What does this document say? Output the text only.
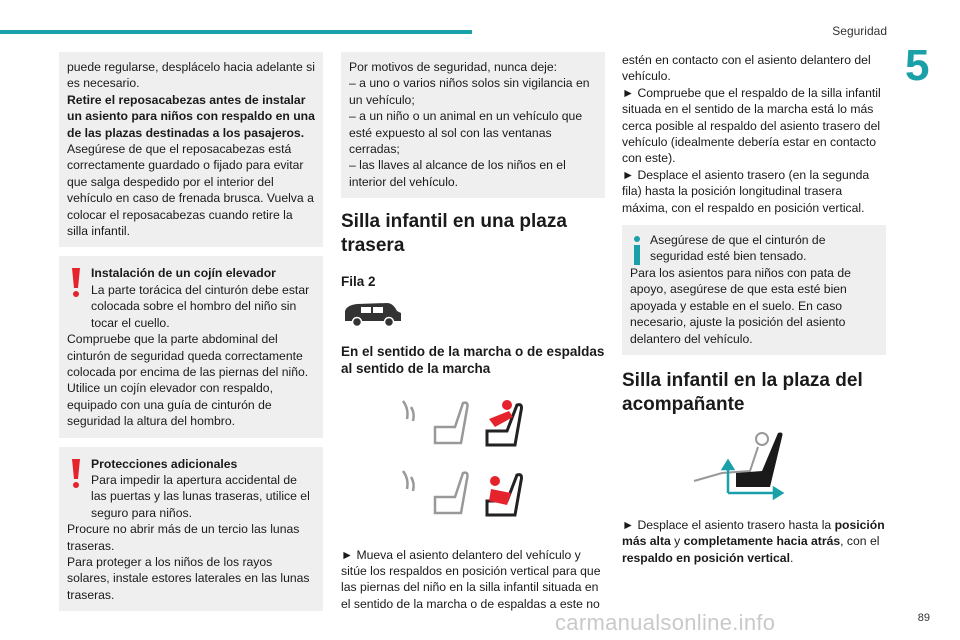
Seguridad
5

puede regularse, desplácelo hacia adelante si es necesario.

Retire el reposacabezas antes de instalar un asiento para niños con respaldo en una de las plazas destinadas a los pasajeros.

Asegúrese de que el reposacabezas está correctamente guardado o fijado para evitar que salga despedido por el interior del vehículo en caso de frenada brusca. Vuelva a colocar el reposacabezas cuando retire la silla infantil.

Instalación de un cojín elevador

La parte torácica del cinturón debe estar colocada sobre el hombro del niño sin tocar el cuello.

Compruebe que la parte abdominal del cinturón de seguridad queda correctamente colocada por encima de las piernas del niño.

Utilice un cojín elevador con respaldo, equipado con una guía de cinturón de seguridad la altura del hombro.

Protecciones adicionales

Para impedir la apertura accidental de las puertas y las lunas traseras, utilice el seguro para niños.

Procure no abrir más de un tercio las lunas traseras.

Para proteger a los niños de los rayos solares, instale estores laterales en las lunas traseras.

Por motivos de seguridad, nunca deje:

– a uno o varios niños solos sin vigilancia en un vehículo;

– a un niño o un animal en un vehículo que esté expuesto al sol con las ventanas cerradas;

– las llaves al alcance de los niños en el interior del vehículo.

Silla infantil en una plaza trasera
Fila 2
En el sentido de la marcha o de espaldas al sentido de la marcha

► Mueva el asiento delantero del vehículo y sitúe los respaldos en posición vertical para que las piernas del niño en la silla infantil situada en el sentido de la marcha o de espaldas a este no

estén en contacto con el asiento delantero del vehículo.

► Compruebe que el respaldo de la silla infantil situada en el sentido de la marcha está lo más cerca posible al respaldo del asiento trasero del vehículo (idealmente debería estar en contacto con este).

► Desplace el asiento trasero (en la segunda fila) hasta la posición longitudinal trasera máxima, con el respaldo en posición vertical.

Asegúrese de que el cinturón de seguridad esté bien tensado.

Para los asientos para niños con pata de apoyo, asegúrese de que esta esté bien apoyada y estable en el suelo. En caso necesario, ajuste la posición del asiento delantero del vehículo.

Silla infantil en la plaza del acompañante

► Desplace el asiento trasero hasta la posición más alta y completamente hacia atrás, con el respaldo en posición vertical.

carmanualsonline.info	89
